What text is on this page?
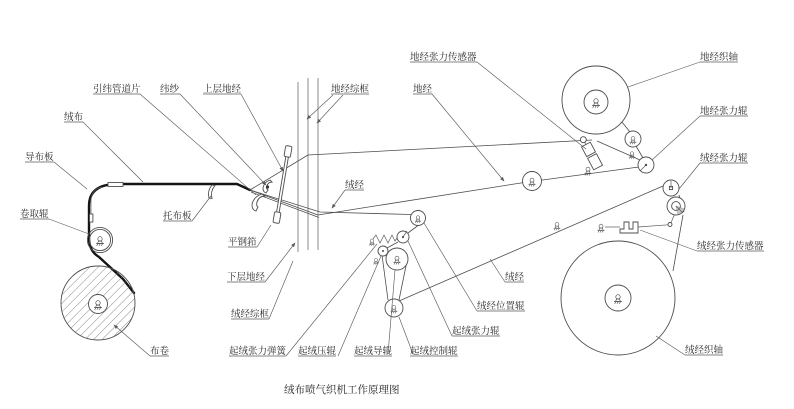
引纬管道片 纬纱	上层地经	地经综框
地经张力传感器
地经
地经织轴
地经张力辊
绒经张力辊
绒经张力传感器
绒经织轴
绒布
导布板
卷取辊
布卷
托布板
平钢筘
下层地经
绒经综框
起绒张力弹簧 起绒压辊 起绒导辊 起绒控制辊
绒经
绒经
绒经位置辊
起绒张力辊
绒布喷气织机工作原理图
